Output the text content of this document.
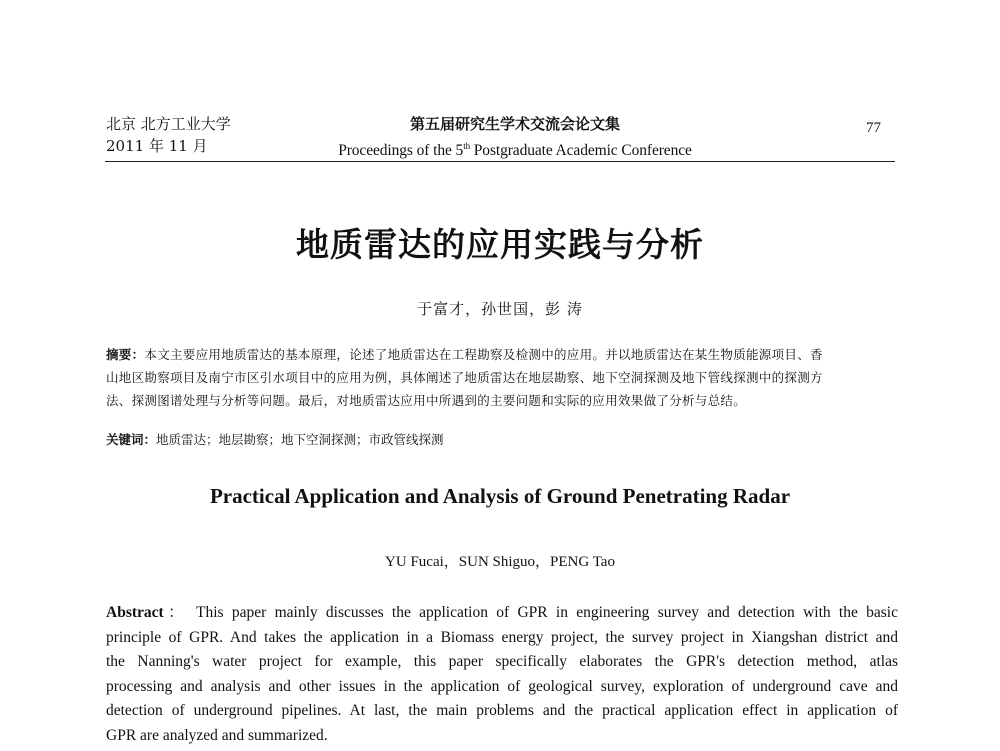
北京 北方工业大学
2011 年 11 月
第五届研究生学术交流会论文集
Proceedings of the 5th Postgraduate Academic Conference
77
地质雷达的应用实践与分析
于富才，孙世国，彭 涛
摘要：本文主要应用地质雷达的基本原理，论述了地质雷达在工程勘察及检测中的应用。并以地质雷达在某生物质能源项目、香
山地区勘察项目及南宁市区引水项目中的应用为例，具体阐述了地质雷达在地层勘察、地下空洞探测及地下管线探测中的探测方
法、探测图谱处理与分析等问题。最后，对地质雷达应用中所遇到的主要问题和实际的应用效果做了分析与总结。
关键词：地质雷达；地层勘察；地下空洞探测；市政管线探测
Practical Application and Analysis of Ground Penetrating Radar
YU Fucai，SUN Shiguo，PENG Tao
Abstract： This paper mainly discusses the application of GPR in engineering survey and detection with the basic
principle of GPR. And takes the application in a Biomass energy project, the survey project in Xiangshan district and
the Nanning's water project for example, this paper specifically elaborates the GPR's detection method, atlas
processing and analysis and other issues in the application of geological survey, exploration of underground cave and
detection of underground pipelines. At last, the main problems and the practical application effect in application of
GPR are analyzed and summarized.
